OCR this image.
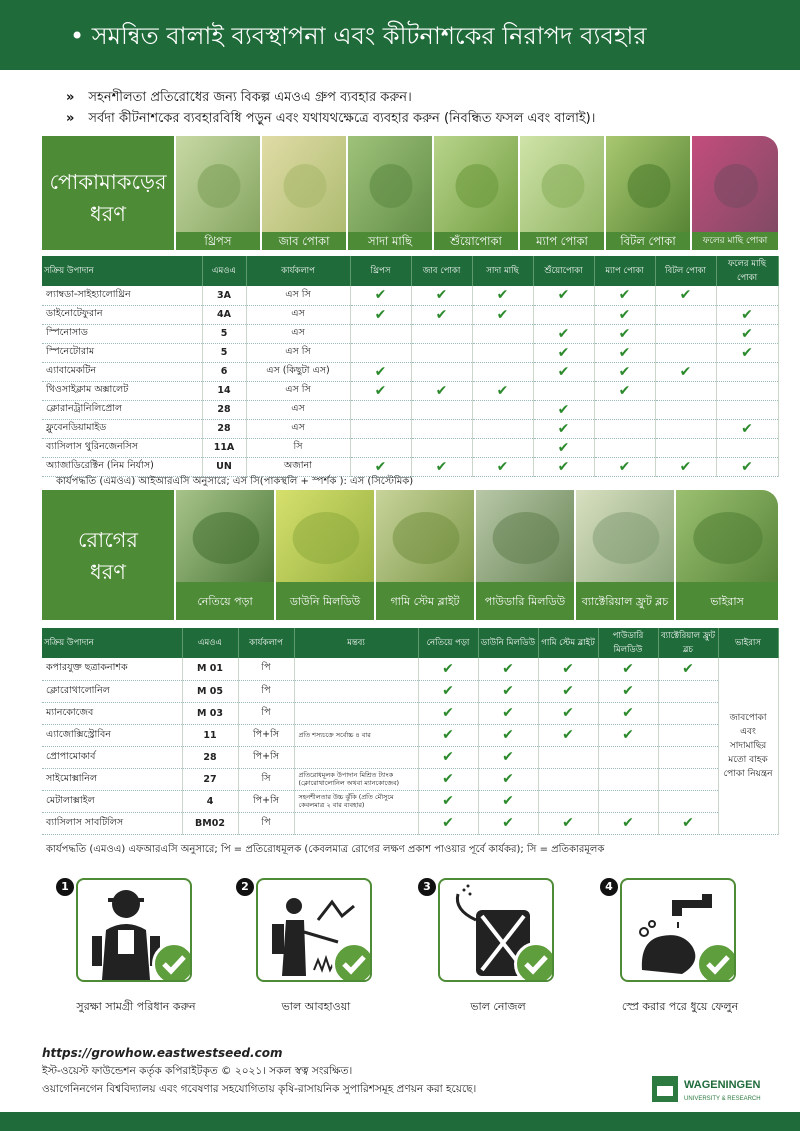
• সমন্বিত বালাই ব্যবস্থাপনা এবং কীটনাশকের নিরাপদ ব্যবহার
» সহনশীলতা প্রতিরোধের জন্য বিকল্প এমওএ গ্রুপ ব্যবহার করুন।
» সর্বদা কীটনাশকের ব্যবহারবিধি পড়ুন এবং যথাযথক্ষেত্রে ব্যবহার করুন (নিবন্ধিত ফসল এবং বালাই)।
পোকামাকড়ের
ধরণ
থ্রিপস	জাব পোকা	সাদা মাছি	শুঁয়োপোকা	ম্যাপ পোকা	বিটল পোকা	ফলের মাছি পোকা
সক্রিয় উপাদান	এমওএ	কার্যকলাপ	থ্রিপস	জাব পোকা	সাদা মাছি	শুঁয়োপোকা	ম্যাপ পোকা	বিটল পোকা	ফলের মাছি পোকা
ল্যাম্বডা-সাইহ্যালোথ্রিন	3A	এস সি	✔	✔	✔	✔	✔	✔	
ডাইনোটেফুরান	4A	এস	✔	✔	✔		✔		✔
স্পিনোসাড	5	এস				✔	✔		✔
স্পিনেটোরাম	5	এস সি				✔	✔		✔
এ্যাবামেকটিন	6	এস (কিছুটা এস)	✔			✔	✔	✔	
থিওসাইক্লাম অক্সালেট	14	এস সি	✔	✔	✔		✔		
ক্লোরানট্রানিলিপ্রোল	28	এস				✔			
ফ্লুবেনডিয়ামাইড	28	এস				✔			✔
ব্যাসিলাস থুরিনজেনসিস	11A	সি				✔			
অ্যাজাডিরেক্টিন (নিম নির্যাস)	UN	অজানা	✔	✔	✔	✔	✔	✔	✔
কার্যপদ্ধতি (এমওএ) আইআরএসি অনুসারে; এস সি(পাকস্থলি + স্পর্শক ): এস (সিস্টেমিক)
রোগের
ধরণ
নেতিয়ে পড়া	ডাউনি মিলডিউ	গামি স্টেম ব্লাইট	পাউডারি মিলডিউ	ব্যাক্টেরিয়াল ফ্রুট ব্লচ	ভাইরাস
সক্রিয় উপাদান	এমওএ	কার্যকলাপ	মন্তব্য	নেতিয়ে পড়া	ডাউনি মিলডিউ	গামি স্টেম ব্লাইট	পাউডারি মিলডিউ	ব্যাক্টেরিয়াল ফ্রুট ব্লচ	ভাইরাস
কপারযুক্ত ছত্রাকনাশক	M 01	পি		✔	✔	✔	✔	✔	জাবপোকা এবং সাদামাছির মতো বাহক পোকা নিয়ন্ত্রন
ক্লোরোথালোনিল	M 05	পি		✔	✔	✔	✔		
ম্যানকোজেব	M 03	পি		✔	✔	✔	✔		
এ্যাজোক্সিস্ট্রোবিন	11	পি+সি	প্রতি শস্যচক্রে সর্বোচ্চ ৪ বার	✔	✔	✔	✔		
প্রোপামোকার্ব	28	পি+সি		✔	✔				
সাইমোক্সানিল	27	সি	প্রতিরোধমূলক উপাদান মিশ্রিত ট্যাংক (ক্লোরোথালোনিল অথবা ম্যানকোজেব)	✔	✔				
মেটালাক্সাইল	4	পি+সি	সহনশীলতার উচ্চ ঝুঁকি (প্রতি মৌসুমে কেবলমাত্র ২ বার ব্যবহার)	✔	✔				
ব্যাসিলাস সাবটিলিস	BM02	পি		✔	✔	✔	✔	✔	
কার্যপদ্ধতি (এমওএ) এফআরএসি অনুসারে; পি = প্রতিরোধমূলক (কেবলমাত্র রোগের লক্ষণ প্রকাশ পাওয়ার পূর্বে কার্যকর); সি = প্রতিকারমূলক
1
সুরক্ষা সামগ্রী পরিধান করুন
2
ভাল আবহাওয়া
3
ভাল নোজল
4
স্প্রে করার পরে ধুয়ে ফেলুন
https://growhow.eastwestseed.com
ইস্ট-ওয়েস্ট ফাউন্ডেশন কর্তৃক কপিরাইটকৃত © ২০২১। সকল স্বত্ব সংরক্ষিত।
ওয়াগেনিনগেন বিশ্ববিদ্যালয় এবং গবেষণার সহযোগিতায় কৃষি-রাসায়নিক সুপারিশসমূহ প্রণয়ন করা হয়েছে।	WAGENINGEN
UNIVERSITY & RESEARCH
